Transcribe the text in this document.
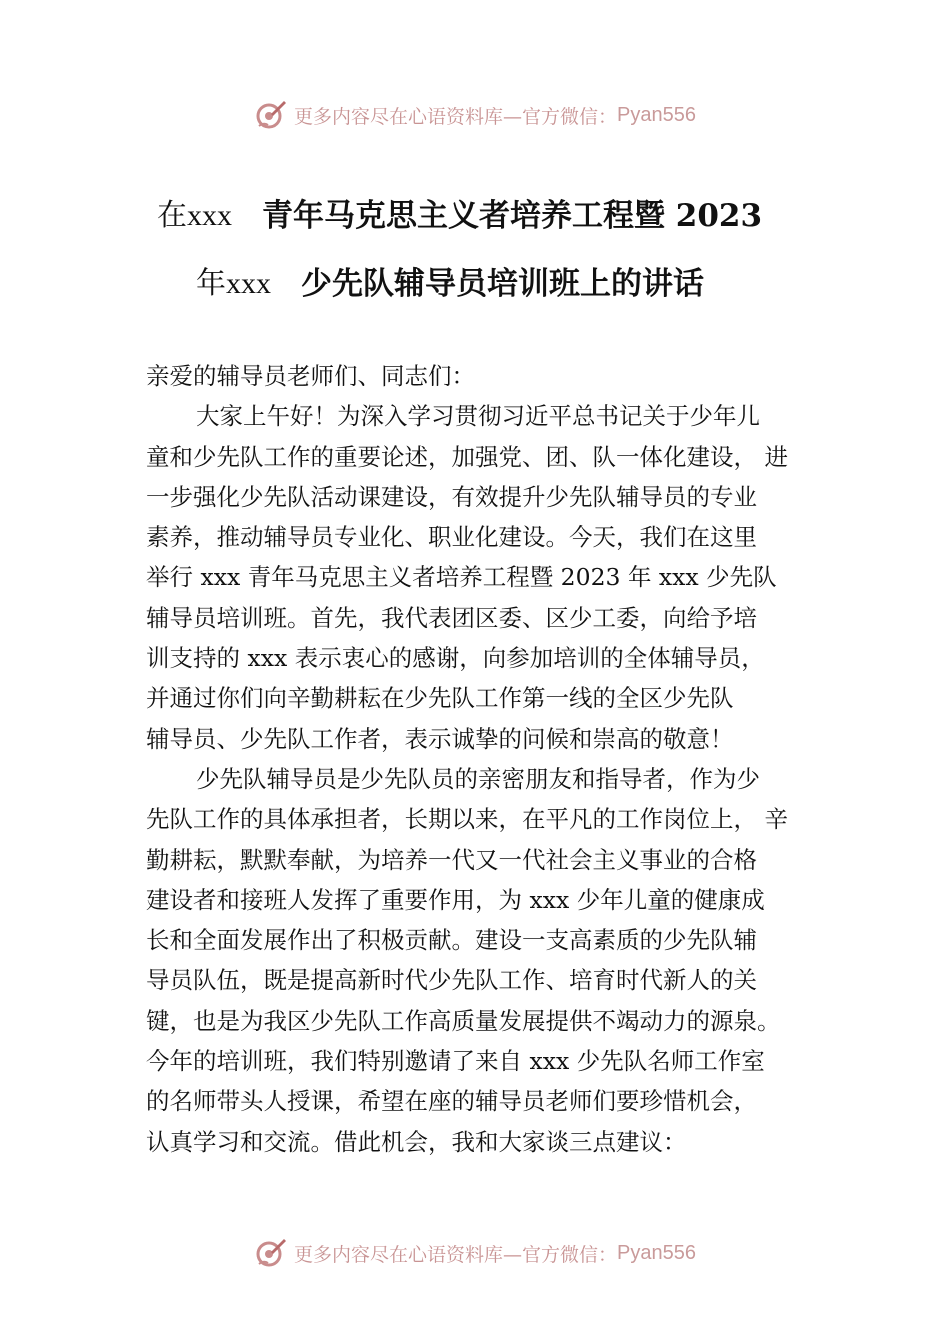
更多内容尽在心语资料库—官方微信： Pyan556
在xxx 青年马克思主义者培养工程暨 2023
年xxx 少先队辅导员培训班上的讲话
亲爱的辅导员老师们、同志们：
大家上午好！为深入学习贯彻习近平总书记关于少年儿
童和少先队工作的重要论述，加强党、团、队一体化建设， 进
一步强化少先队活动课建设，有效提升少先队辅导员的专业
素养，推动辅导员专业化、职业化建设。今天，我们在这里
举行 xxx 青年马克思主义者培养工程暨 2023 年 xxx 少先队
辅导员培训班。首先，我代表团区委、区少工委，向给予培
训支持的 xxx 表示衷心的感谢，向参加培训的全体辅导员，
并通过你们向辛勤耕耘在少先队工作第一线的全区少先队
辅导员、少先队工作者，表示诚挚的问候和崇高的敬意！
少先队辅导员是少先队员的亲密朋友和指导者，作为少
先队工作的具体承担者，长期以来，在平凡的工作岗位上， 辛
勤耕耘，默默奉献，为培养一代又一代社会主义事业的合格
建设者和接班人发挥了重要作用，为 xxx 少年儿童的健康成
长和全面发展作出了积极贡献。建设一支高素质的少先队辅
导员队伍，既是提高新时代少先队工作、培育时代新人的关
键，也是为我区少先队工作高质量发展提供不竭动力的源泉。
今年的培训班，我们特别邀请了来自 xxx 少先队名师工作室
的名师带头人授课，希望在座的辅导员老师们要珍惜机会，
认真学习和交流。借此机会，我和大家谈三点建议：
更多内容尽在心语资料库—官方微信： Pyan556
